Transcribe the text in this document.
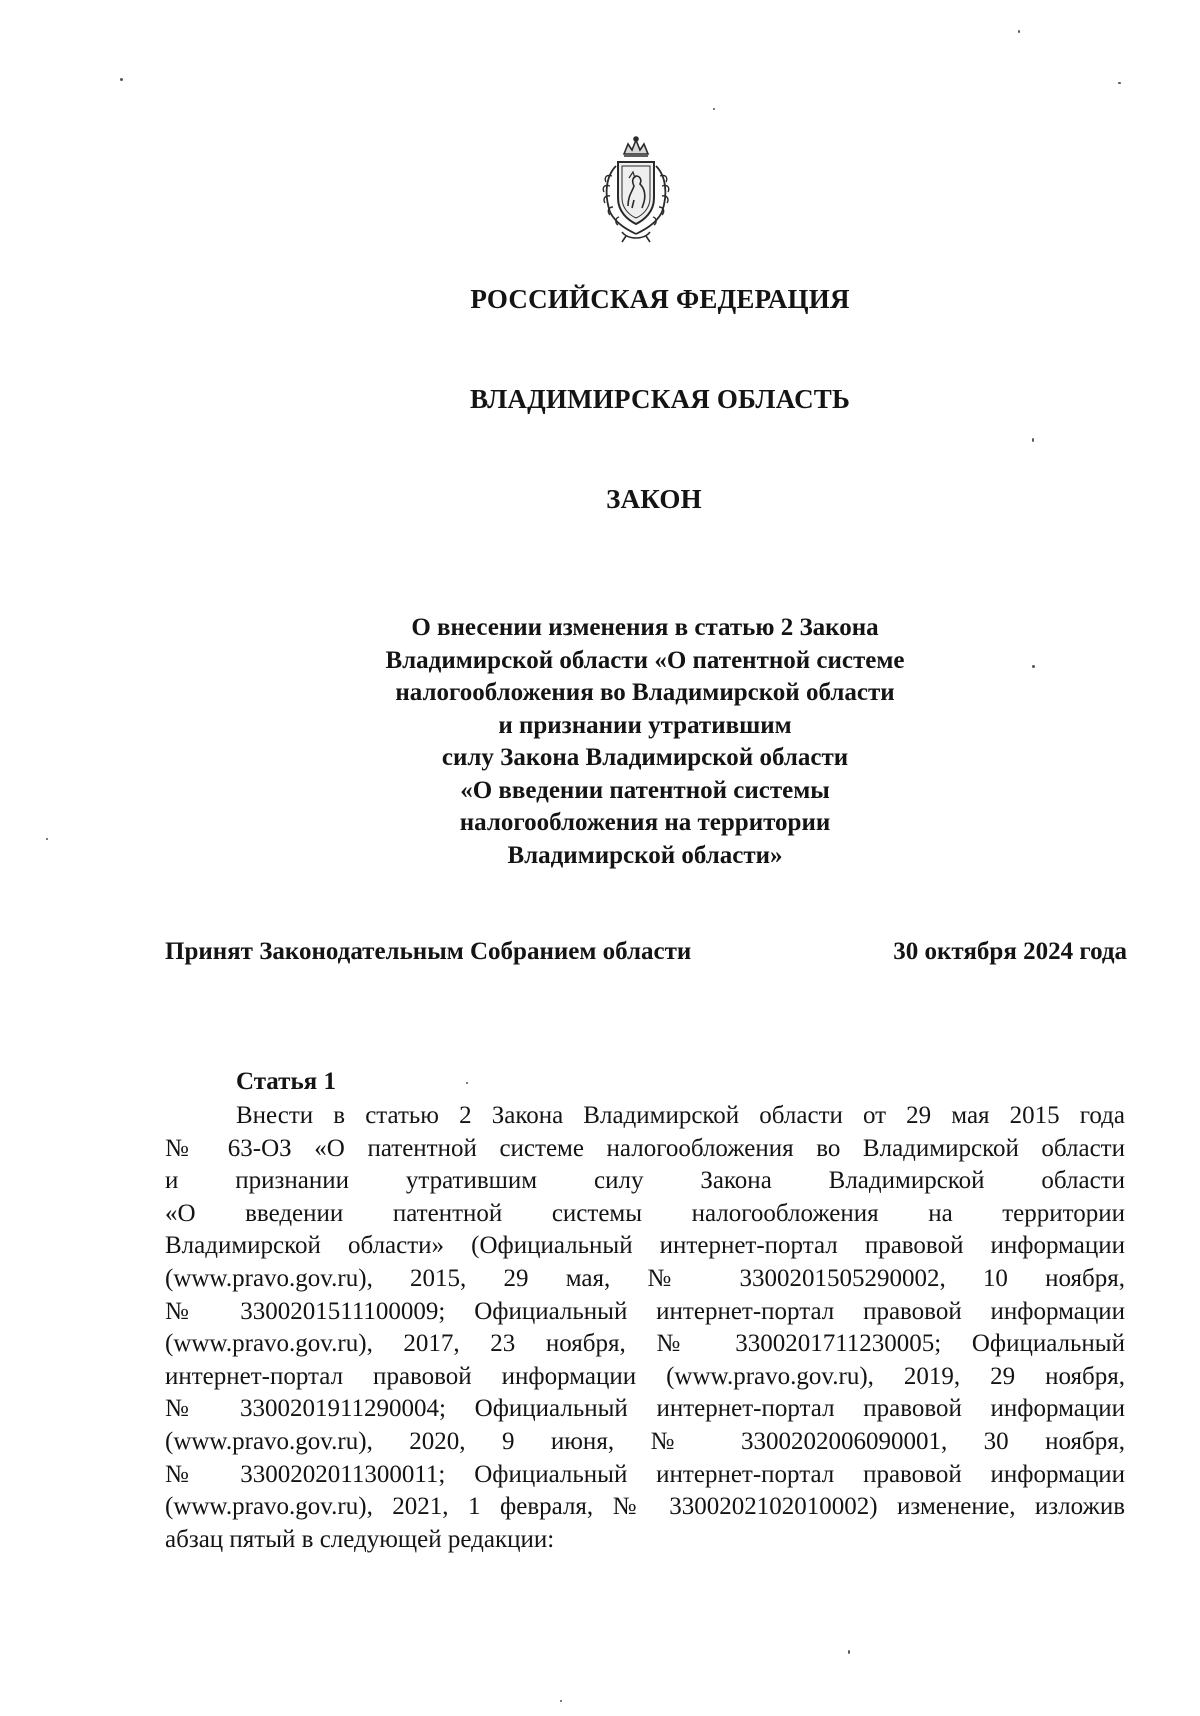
РОССИЙСКАЯ ФЕДЕРАЦИЯ
ВЛАДИМИРСКАЯ ОБЛАСТЬ
ЗАКОН
О внесении изменения в статью 2 Закона
Владимирской области «О патентной системе
налогообложения во Владимирской области
и признании утратившим
силу Закона Владимирской области
«О введении патентной системы
налогообложения на территории
Владимирской области»
Принят Законодательным Собранием области	30 октября 2024 года
Статья 1
Внести в статью 2 Закона Владимирской области от 29 мая 2015 года
№ 63-ОЗ «О патентной системе налогообложения во Владимирской области
и признании утратившим силу Закона Владимирской области
«О введении патентной системы налогообложения на территории
Владимирской области» (Официальный интернет-портал правовой информации
(www.pravo.gov.ru), 2015, 29 мая, № 3300201505290002, 10 ноября,
№ 3300201511100009; Официальный интернет-портал правовой информации
(www.pravo.gov.ru), 2017, 23 ноября, № 3300201711230005; Официальный
интернет-портал правовой информации (www.pravo.gov.ru), 2019, 29 ноября,
№ 3300201911290004; Официальный интернет-портал правовой информации
(www.pravo.gov.ru), 2020, 9 июня, № 3300202006090001, 30 ноября,
№ 3300202011300011; Официальный интернет-портал правовой информации
(www.pravo.gov.ru), 2021, 1 февраля, № 3300202102010002) изменение, изложив
абзац пятый в следующей редакции:
